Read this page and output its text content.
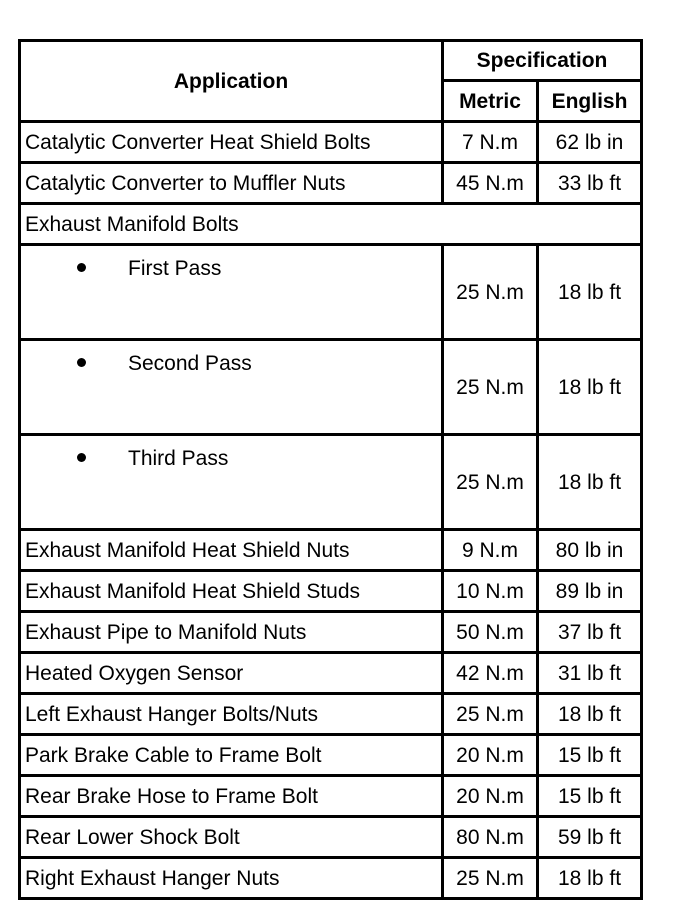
Application	Specification	
	Metric	English
Catalytic Converter Heat Shield Bolts	7 N.m	62 lb in
Catalytic Converter to Muffler Nuts	45 N.m	33 lb ft
Exhaust Manifold Bolts		
First Pass	25 N.m	18 lb ft
Second Pass	25 N.m	18 lb ft
Third Pass	25 N.m	18 lb ft
Exhaust Manifold Heat Shield Nuts	9 N.m	80 lb in
Exhaust Manifold Heat Shield Studs	10 N.m	89 lb in
Exhaust Pipe to Manifold Nuts	50 N.m	37 lb ft
Heated Oxygen Sensor	42 N.m	31 lb ft
Left Exhaust Hanger Bolts/Nuts	25 N.m	18 lb ft
Park Brake Cable to Frame Bolt	20 N.m	15 lb ft
Rear Brake Hose to Frame Bolt	20 N.m	15 lb ft
Rear Lower Shock Bolt	80 N.m	59 lb ft
Right Exhaust Hanger Nuts	25 N.m	18 lb ft
